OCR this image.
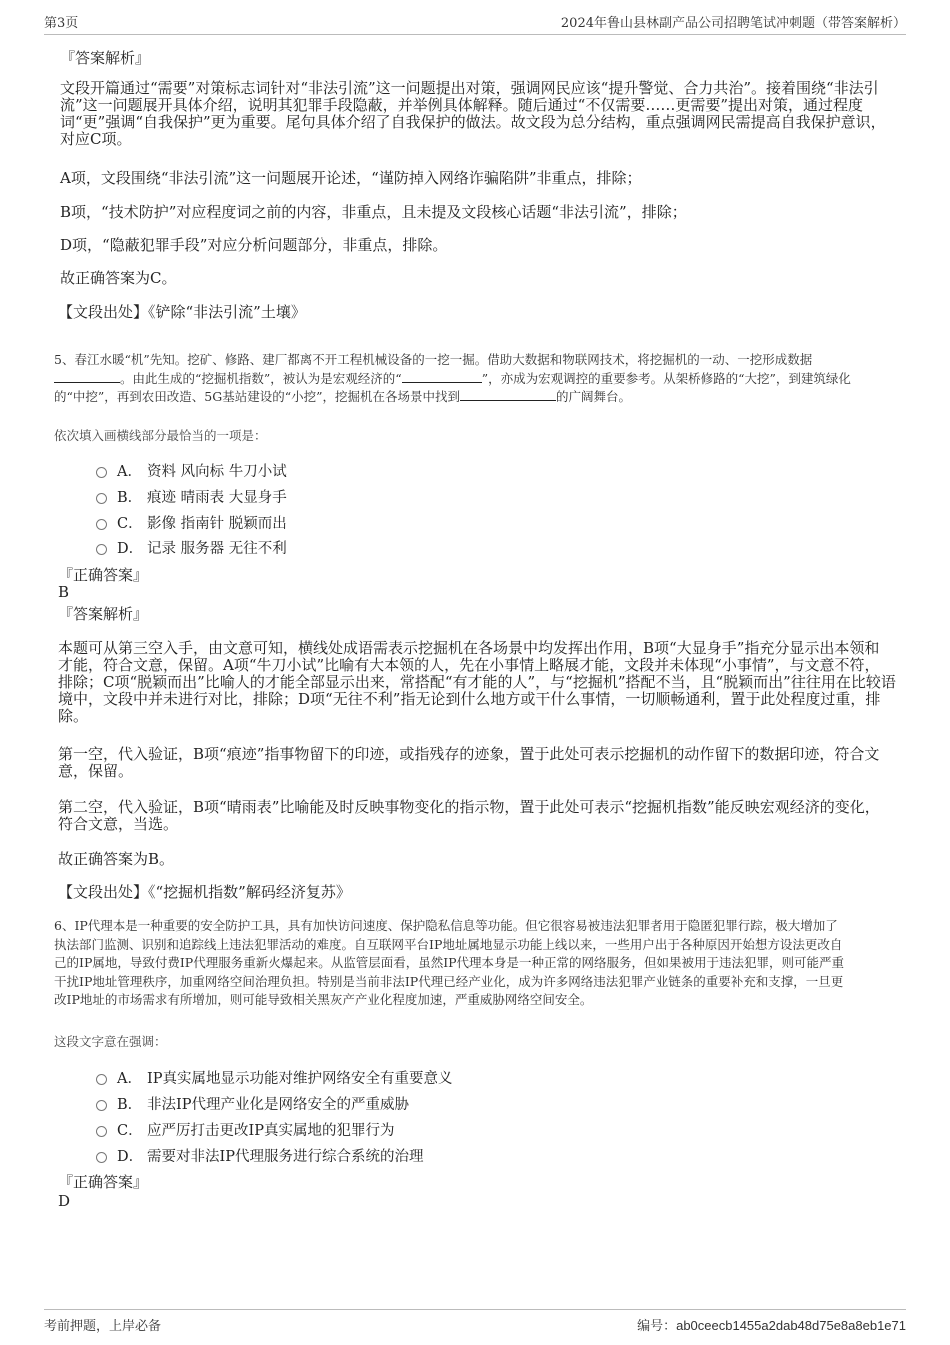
第3页	2024年鲁山县林副产品公司招聘笔试冲刺题（带答案解析）
『答案解析』
文段开篇通过“需要”对策标志词针对“非法引流”这一问题提出对策，强调网民应该“提升警觉、合力共治”。接着围绕“非法引
流”这一问题展开具体介绍，说明其犯罪手段隐蔽，并举例具体解释。随后通过“不仅需要……更需要”提出对策，通过程度
词“更”强调“自我保护”更为重要。尾句具体介绍了自我保护的做法。故文段为总分结构，重点强调网民需提高自我保护意识，
对应C项。
A项，文段围绕“非法引流”这一问题展开论述，“谨防掉入网络诈骗陷阱”非重点，排除；
B项，“技术防护”对应程度词之前的内容，非重点，且未提及文段核心话题“非法引流”，排除；
D项，“隐蔽犯罪手段”对应分析问题部分，非重点，排除。
故正确答案为C。
【文段出处】《铲除“非法引流”土壤》
5、春江水暖“机”先知。挖矿、修路、建厂都离不开工程机械设备的一挖一掘。借助大数据和物联网技术，将挖掘机的一动、一挖形成数据
。由此生成的“挖掘机指数”，被认为是宏观经济的“	”，亦成为宏观调控的重要参考。从架桥修路的“大挖”，到建筑绿化
的“中挖”，再到农田改造、5G基站建设的“小挖”，挖掘机在各场景中找到	的广阔舞台。
依次填入画横线部分最恰当的一项是：
A． 资料 风向标 牛刀小试
B． 痕迹 晴雨表 大显身手
C． 影像 指南针 脱颖而出
D． 记录 服务器 无往不利
『正确答案』
B
『答案解析』
本题可从第三空入手，由文意可知，横线处成语需表示挖掘机在各场景中均发挥出作用，B项“大显身手”指充分显示出本领和
才能，符合文意，保留。A项“牛刀小试”比喻有大本领的人，先在小事情上略展才能，文段并未体现“小事情”，与文意不符，
排除；C项“脱颖而出”比喻人的才能全部显示出来，常搭配“有才能的人”，与“挖掘机”搭配不当，且“脱颖而出”往往用在比较语
境中，文段中并未进行对比，排除；D项“无往不利”指无论到什么地方或干什么事情，一切顺畅通利，置于此处程度过重，排
除。
第一空，代入验证，B项“痕迹”指事物留下的印迹，或指残存的迹象，置于此处可表示挖掘机的动作留下的数据印迹，符合文
意，保留。
第二空，代入验证，B项“晴雨表”比喻能及时反映事物变化的指示物，置于此处可表示“挖掘机指数”能反映宏观经济的变化，
符合文意，当选。
故正确答案为B。
【文段出处】《“挖掘机指数”解码经济复苏》
6、IP代理本是一种重要的安全防护工具，具有加快访问速度、保护隐私信息等功能。但它很容易被违法犯罪者用于隐匿犯罪行踪，极大增加了
执法部门监测、识别和追踪线上违法犯罪活动的难度。自互联网平台IP地址属地显示功能上线以来，一些用户出于各种原因开始想方设法更改自
己的IP属地，导致付费IP代理服务重新火爆起来。从监管层面看，虽然IP代理本身是一种正常的网络服务，但如果被用于违法犯罪，则可能严重
干扰IP地址管理秩序，加重网络空间治理负担。特别是当前非法IP代理已经产业化，成为许多网络违法犯罪产业链条的重要补充和支撑，一旦更
改IP地址的市场需求有所增加，则可能导致相关黑灰产产业化程度加速，严重威胁网络空间安全。
这段文字意在强调：
A． IP真实属地显示功能对维护网络安全有重要意义
B． 非法IP代理产业化是网络安全的严重威胁
C． 应严厉打击更改IP真实属地的犯罪行为
D． 需要对非法IP代理服务进行综合系统的治理
『正确答案』
D
考前押题，上岸必备	编号：ab0ceecb1455a2dab48d75e8a8eb1e71
